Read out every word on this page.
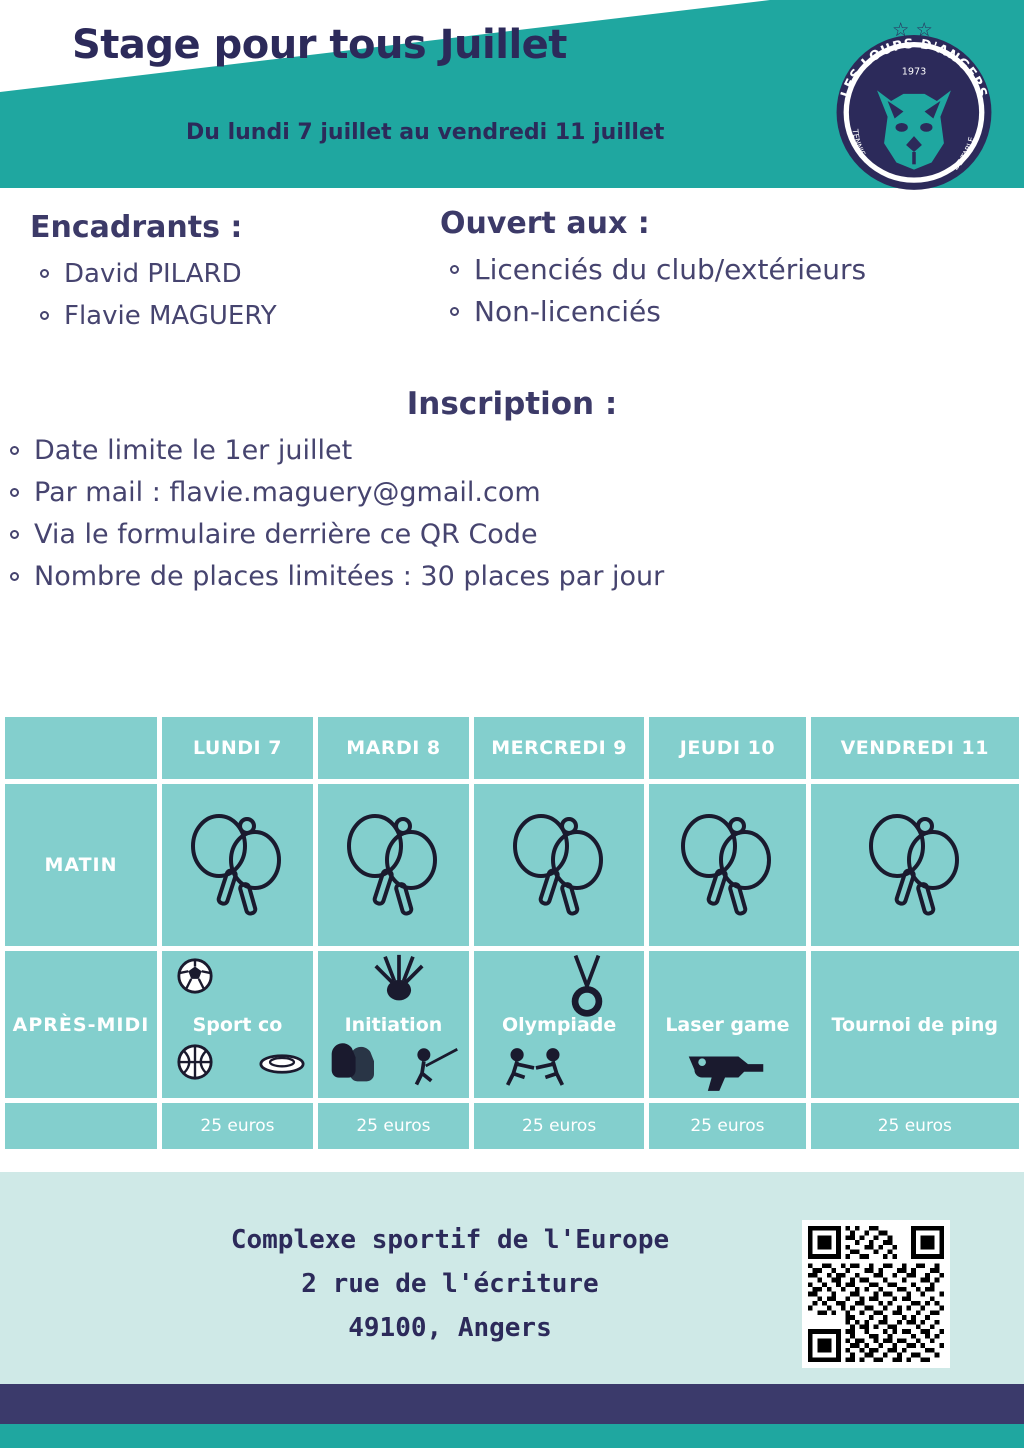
Stage pour tous Juillet
Du lundi 7 juillet au vendredi 11 juillet
☆ ☆
LES LOUPS D'ANGERS
1973
TENNIS
DE TABLE
Encadrants :
David PILARD
Flavie MAGUERY
Ouvert aux :
Licenciés du club/extérieurs
Non-licenciés
Inscription :
Date limite le 1er juillet
Par mail : flavie.maguery@gmail.com
Via le formulaire derrière ce QR Code
Nombre de places limitées : 30 places par jour
	LUNDI 7	MARDI 8	MERCREDI 9	JEUDI 10	VENDREDI 11
MATIN					
APRÈS-MIDI	Sport co	Initiation	Olympiade	Laser game	Tournoi de ping

	25 euros	25 euros	25 euros	25 euros	25 euros
Complexe sportif de l'Europe
2 rue de l'écriture
49100, Angers
